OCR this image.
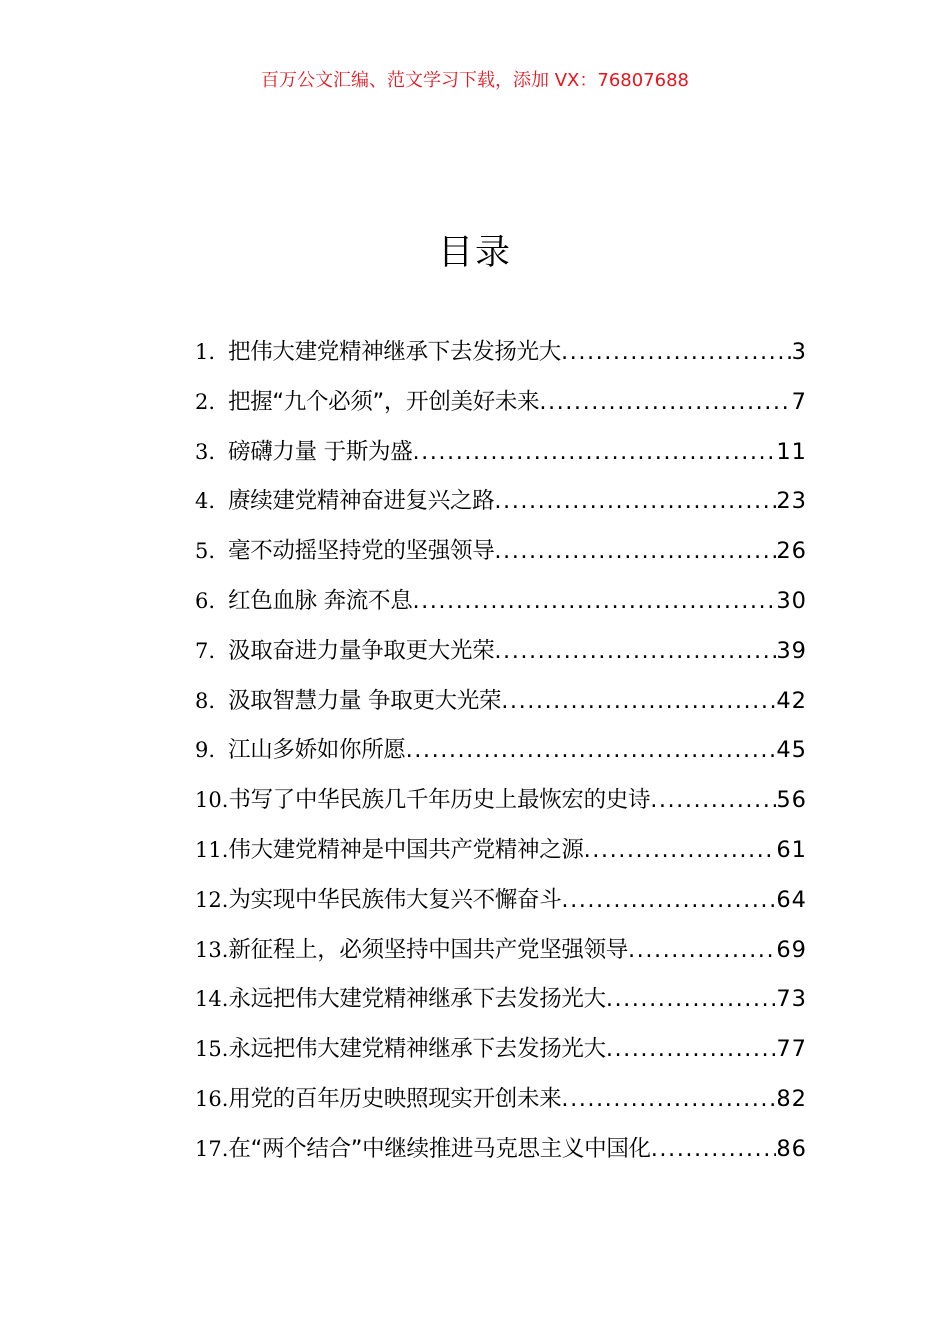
百万公文汇编、范文学习下载，添加 VX：76807688
目录
1. 把伟大建党精神继承下去发扬光大 .....	3
2. 把握“九个必须”，开创美好未来 .....	7
3. 磅礴力量 于斯为盛 .....	11
4. 赓续建党精神奋进复兴之路 .....	23
5. 毫不动摇坚持党的坚强领导 .....	26
6. 红色血脉 奔流不息 .....	30
7. 汲取奋进力量争取更大光荣 .....	39
8. 汲取智慧力量 争取更大光荣 .....	42
9. 江山多娇如你所愿 .....	45
10. 书写了中华民族几千年历史上最恢宏的史诗 .....	56
11. 伟大建党精神是中国共产党精神之源 .....	61
12. 为实现中华民族伟大复兴不懈奋斗 .....	64
13. 新征程上，必须坚持中国共产党坚强领导 .....	69
14. 永远把伟大建党精神继承下去发扬光大 .....	73
15. 永远把伟大建党精神继承下去发扬光大 .....	77
16. 用党的百年历史映照现实开创未来 .....	82
17. 在“两个结合”中继续推进马克思主义中国化 .....	86
